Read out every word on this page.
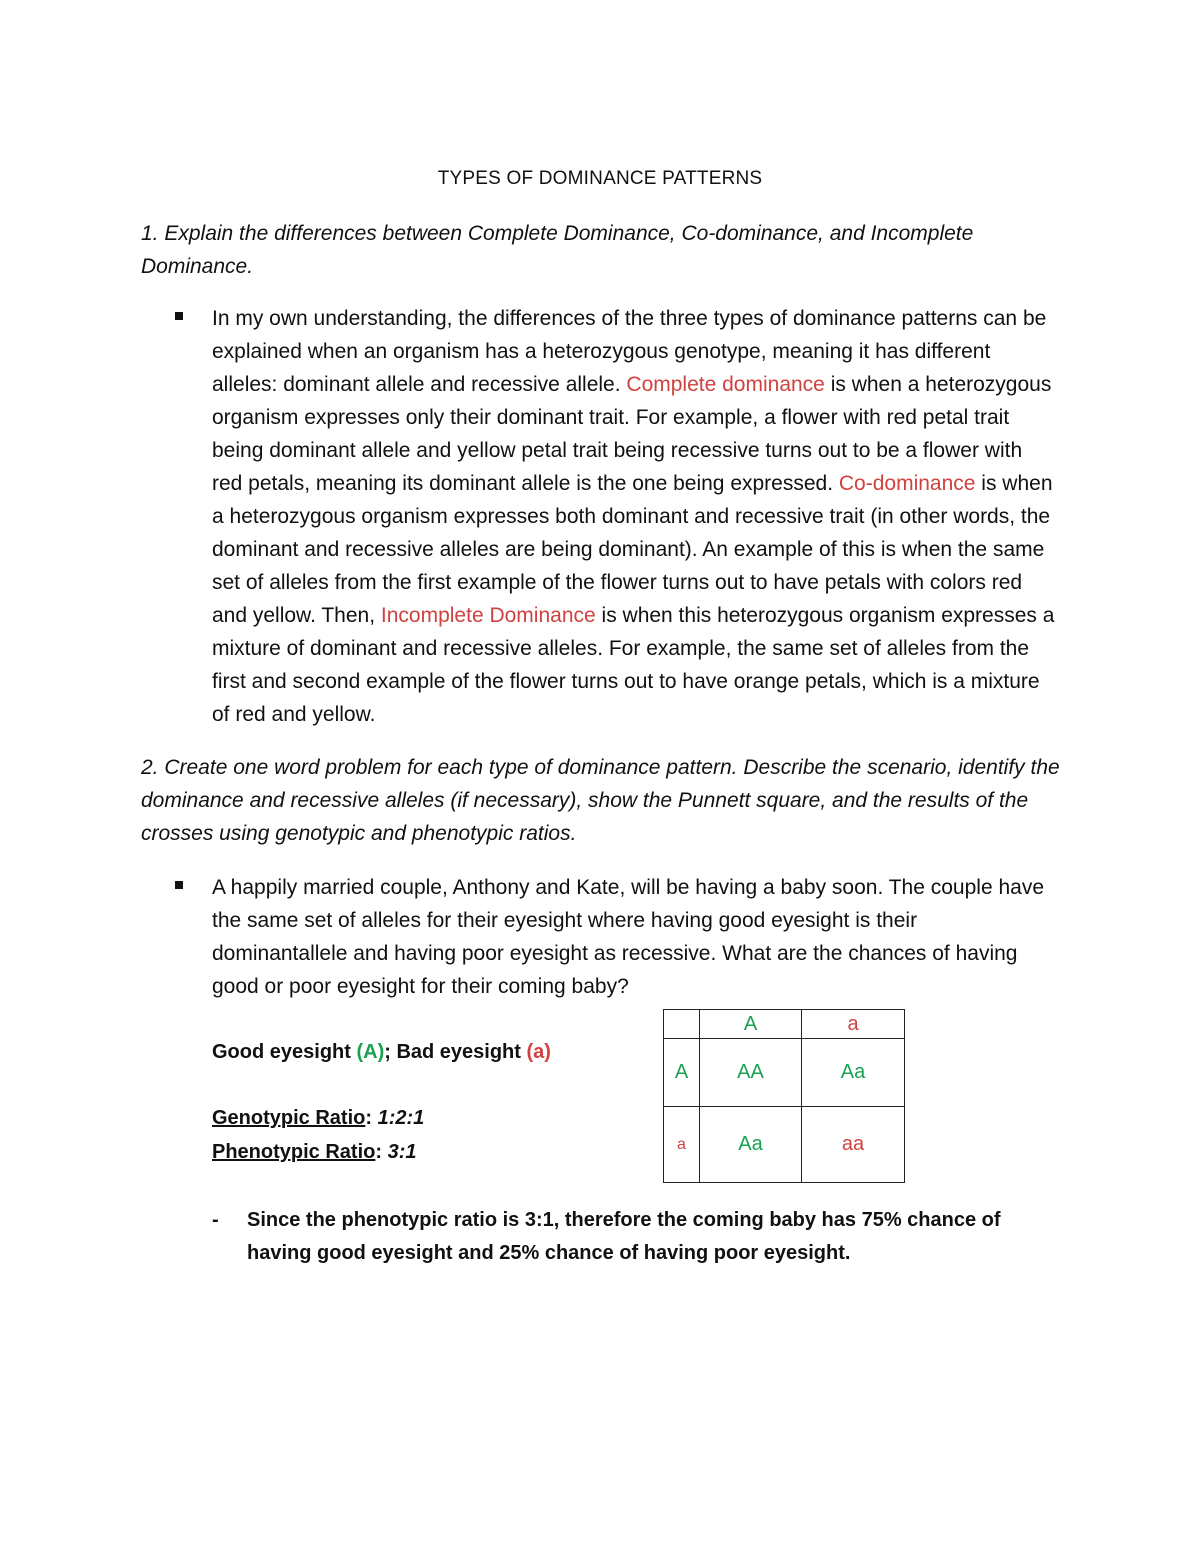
TYPES OF DOMINANCE PATTERNS
1. Explain the differences between Complete Dominance, Co-dominance, and Incomplete Dominance.
In my own understanding, the differences of the three types of dominance patterns can be explained when an organism has a heterozygous genotype, meaning it has different alleles: dominant allele and recessive allele. Complete dominance is when a heterozygous organism expresses only their dominant trait. For example, a flower with red petal trait being dominant allele and yellow petal trait being recessive turns out to be a flower with red petals, meaning its dominant allele is the one being expressed. Co-dominance is when a heterozygous organism expresses both dominant and recessive trait (in other words, the dominant and recessive alleles are being dominant). An example of this is when the same set of alleles from the first example of the flower turns out to have petals with colors red and yellow. Then, Incomplete Dominance is when this heterozygous organism expresses a mixture of dominant and recessive alleles. For example, the same set of alleles from the first and second example of the flower turns out to have orange petals, which is a mixture of red and yellow.
2. Create one word problem for each type of dominance pattern. Describe the scenario, identify the dominance and recessive alleles (if necessary), show the Punnett square, and the results of the crosses using genotypic and phenotypic ratios.
A happily married couple, Anthony and Kate, will be having a baby soon. The couple have the same set of alleles for their eyesight where having good eyesight is their dominantallele and having poor eyesight as recessive. What are the chances of having good or poor eyesight for their coming baby?
Good eyesight (A); Bad eyesight (a)
Genotypic Ratio: 1:2:1
Phenotypic Ratio: 3:1
	A	a
A	AA	Aa
a	Aa	aa
- Since the phenotypic ratio is 3:1, therefore the coming baby has 75% chance of having good eyesight and 25% chance of having poor eyesight.
